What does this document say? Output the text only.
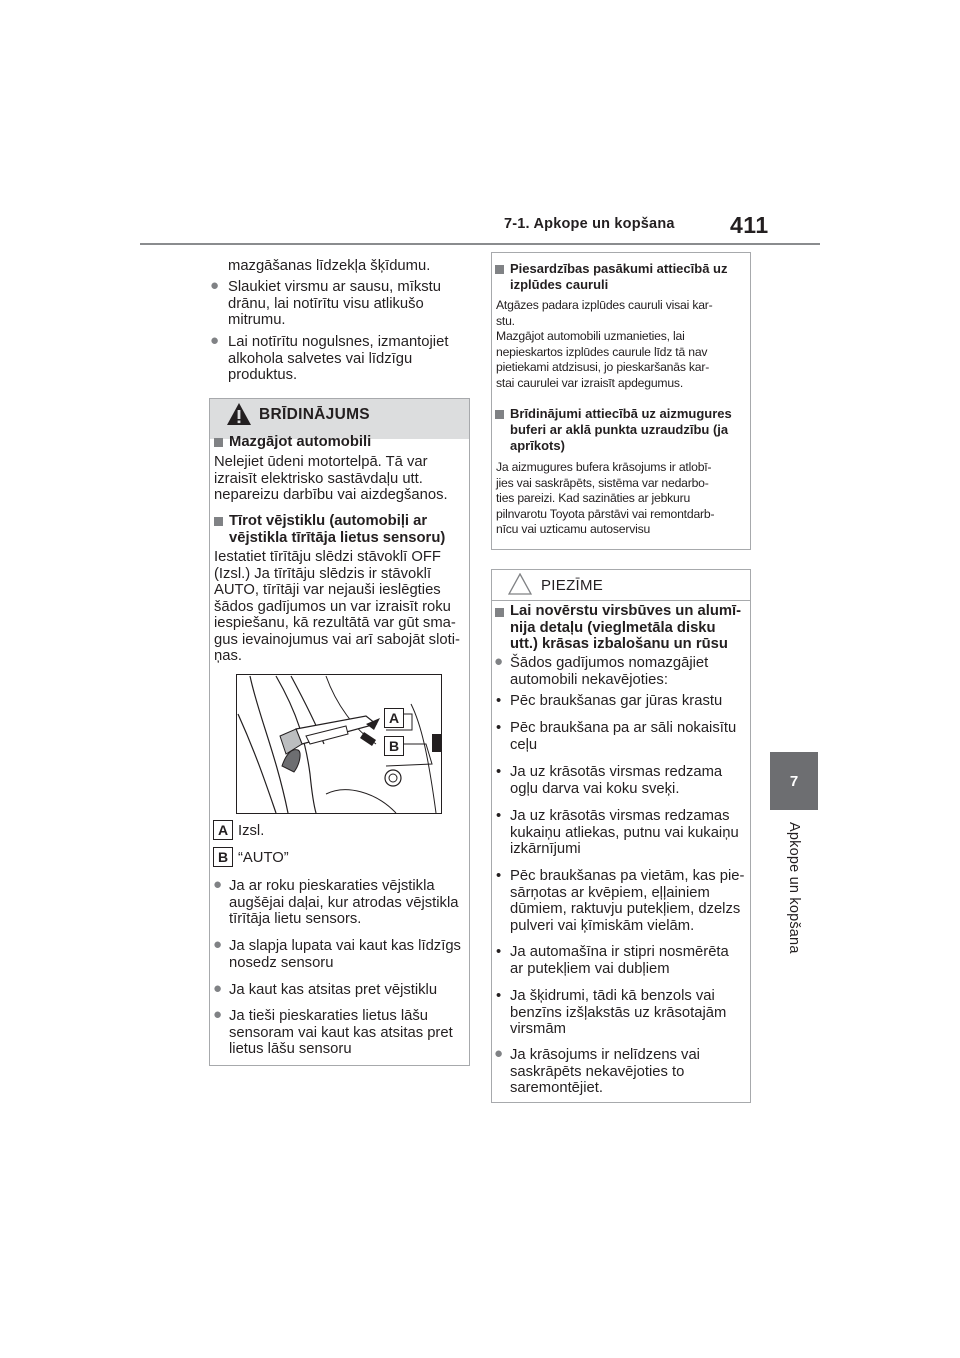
7-1. Apkope un kopšana 411
7
Apkope un kopšana
mazgāšanas līdzekļa šķīdumu.
● Slaukiet virsmu ar sausu, mīkstu
drānu, lai notīrītu visu atlikušo
mitrumu.
● Lai notīrītu nogulsnes, izmantojiet
alkohola salvetes vai līdzīgu
produktus.
BRĪDINĀJUMS
Mazgājot automobili
Nelejiet ūdeni motortelpā. Tā var
izraisīt elektrisko sastāvdaļu utt.
nepareizu darbību vai aizdegšanos.
Tīrot vējstiklu (automobiļi ar
vējstikla tīrītāja lietus sensoru)
Iestatiet tīrītāju slēdzi stāvoklī OFF
(Izsl.) Ja tīrītāju slēdzis ir stāvoklī
AUTO, tīrītāji var nejauši ieslēgties
šādos gadījumos un var izraisīt roku
iespiešanu, kā rezultātā var gūt sma-
gus ievainojumus vai arī sabojāt sloti-
ņas.
A
B
A Izsl.
B “AUTO”
● Ja ar roku pieskaraties vējstikla
augšējai daļai, kur atrodas vējstikla
tīrītāja lietu sensors.
● Ja slapja lupata vai kaut kas līdzīgs
nosedz sensoru
● Ja kaut kas atsitas pret vējstiklu
● Ja tieši pieskaraties lietus lāšu
sensoram vai kaut kas atsitas pret
lietus lāšu sensoru
Piesardzības pasākumi attiecībā uz
izplūdes cauruli
Atgāzes padara izplūdes cauruli visai kar-
stu.
Mazgājot automobili uzmanieties, lai
nepieskartos izplūdes caurule līdz tā nav
pietiekami atdzisusi, jo pieskaršanās kar-
stai caurulei var izraisīt apdegumus.
Brīdinājumi attiecībā uz aizmugures
buferi ar aklā punkta uzraudzību (ja
aprīkots)
Ja aizmugures bufera krāsojums ir atlobī-
jies vai saskrāpēts, sistēma var nedarbo-
ties pareizi. Kad sazināties ar jebkuru
pilnvarotu Toyota pārstāvi vai remontdarb-
nīcu vai uzticamu autoservisu
PIEZĪME
Lai novērstu virsbūves un alumī-
nija detaļu (vieglmetāla disku
utt.) krāsas izbalošanu un rūsu
● Šādos gadījumos nomazgājiet
automobili nekavējoties:
• Pēc braukšanas gar jūras krastu
• Pēc braukšana pa ar sāli nokaisītu
ceļu
• Ja uz krāsotās virsmas redzama
ogļu darva vai koku sveķi.
• Ja uz krāsotās virsmas redzamas
kukaiņu atliekas, putnu vai kukaiņu
izkārnījumi
• Pēc braukšanas pa vietām, kas pie-
sārņotas ar kvēpiem, eļļainiem
dūmiem, raktuvju putekļiem, dzelzs
pulveri vai ķīmiskām vielām.
• Ja automašīna ir stipri nosmērēta
ar putekļiem vai dubļiem
• Ja šķidrumi, tādi kā benzols vai
benzīns izšļakstās uz krāsotajām
virsmām
● Ja krāsojums ir nelīdzens vai
saskrāpēts nekavējoties to
saremontējiet.
